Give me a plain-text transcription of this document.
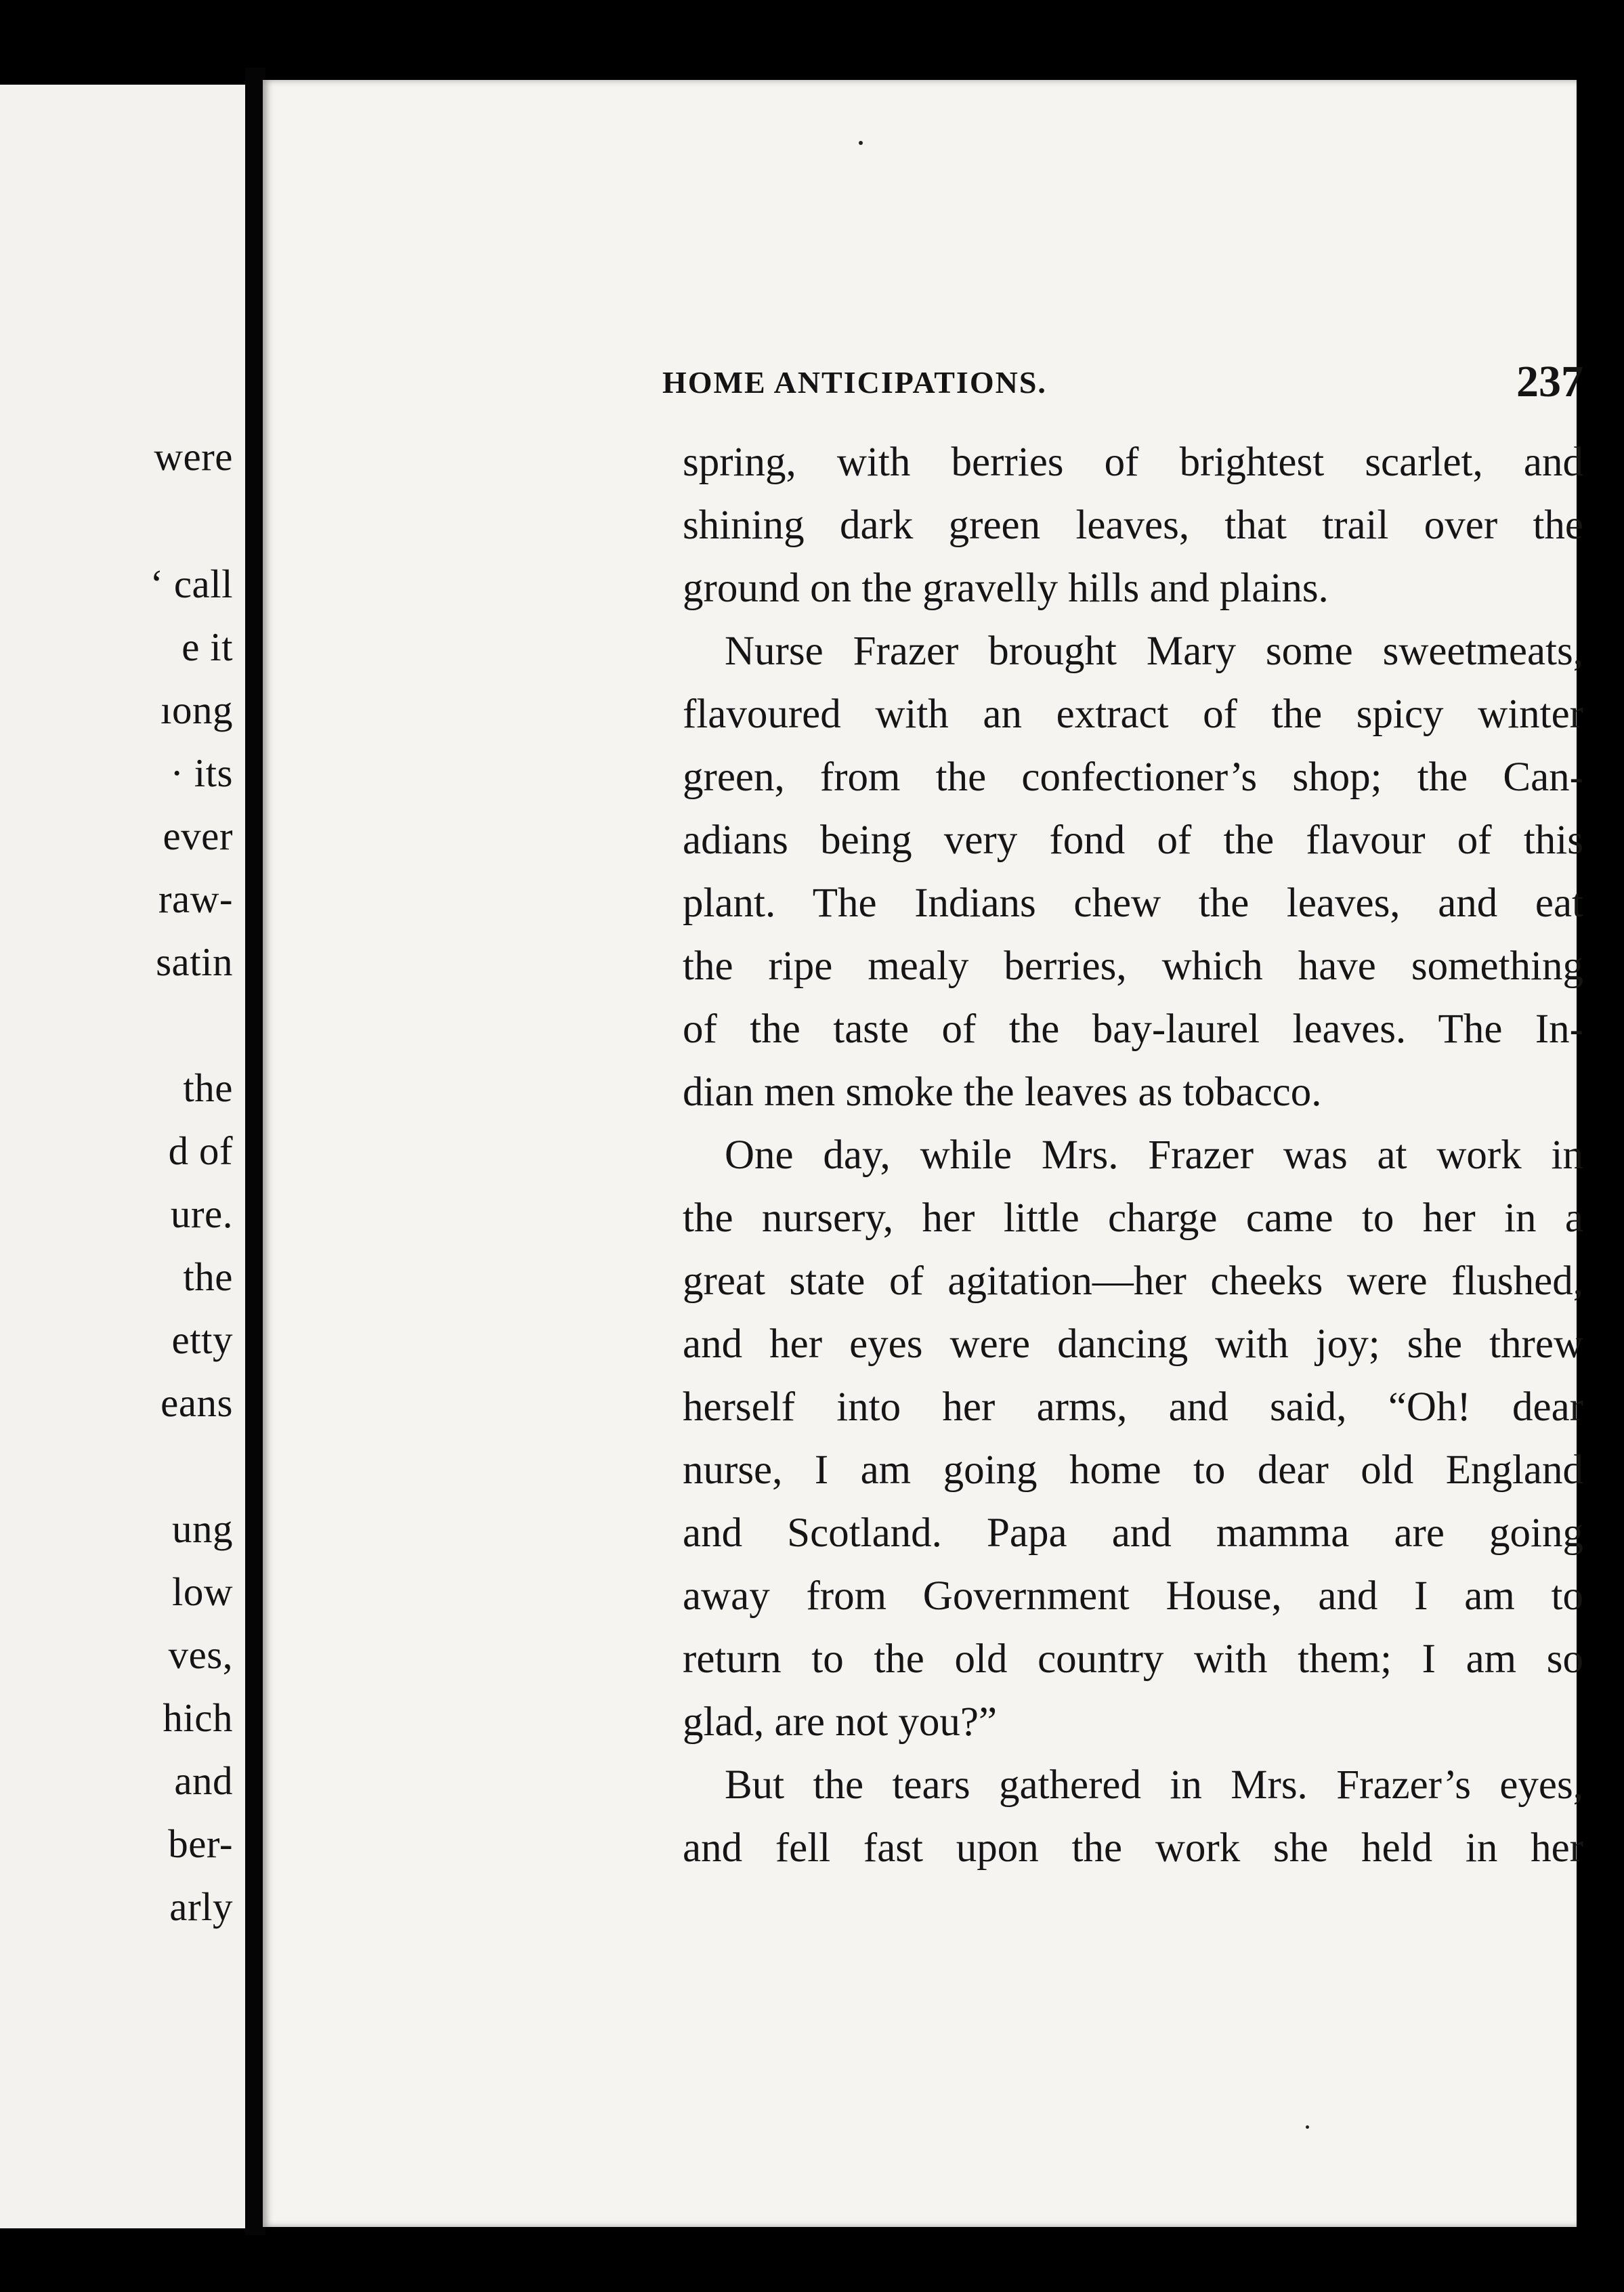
were
‘ call
e it
ıong
· its
ever
raw-
satin
the
d of
ure.
the
etty
eans
ung
low
ves,
hich
and
ber-
arly
HOME ANTICIPATIONS.	237
spring, with berries of brightest scarlet, and
shining dark green leaves, that trail over the
ground on the gravelly hills and plains.
Nurse Frazer brought Mary some sweetmeats,
flavoured with an extract of the spicy winter
green, from the confectioner’s shop; the Can-
adians being very fond of the flavour of this
plant. The Indians chew the leaves, and eat
the ripe mealy berries, which have something
of the taste of the bay-laurel leaves. The In-
dian men smoke the leaves as tobacco.
One day, while Mrs. Frazer was at work in
the nursery, her little charge came to her in a
great state of agitation—her cheeks were flushed,
and her eyes were dancing with joy; she threw
herself into her arms, and said, “Oh! dear
nurse, I am going home to dear old England
and Scotland. Papa and mamma are going
away from Government House, and I am to
return to the old country with them; I am so
glad, are not you?”
But the tears gathered in Mrs. Frazer’s eyes,
and fell fast upon the work she held in her
